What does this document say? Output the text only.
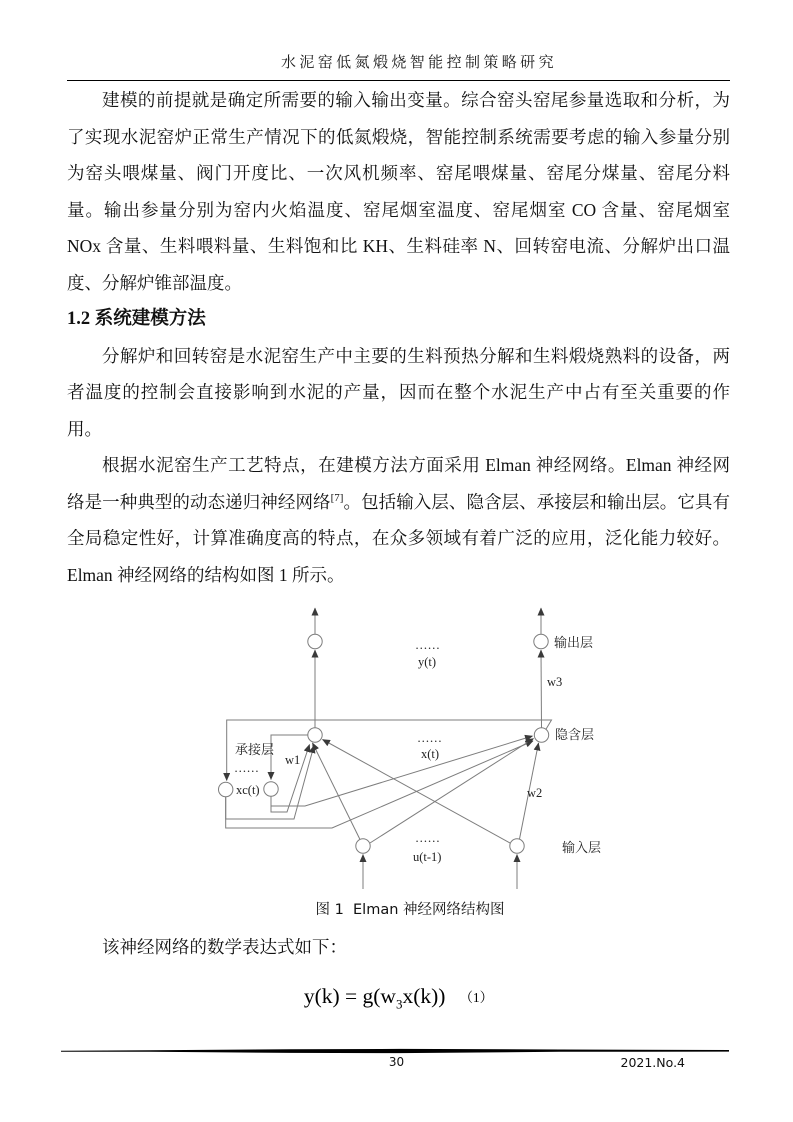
水泥窑低氮煅烧智能控制策略研究

建模的前提就是确定所需要的输入输出变量。综合窑头窑尾参量选取和分析，为了实现水泥窑炉正常生产情况下的低氮煅烧，智能控制系统需要考虑的输入参量分别为窑头喂煤量、阀门开度比、一次风机频率、窑尾喂煤量、窑尾分煤量、窑尾分料量。输出参量分别为窑内火焰温度、窑尾烟室温度、窑尾烟室 CO 含量、窑尾烟室 NOx 含量、生料喂料量、生料饱和比 KH、生料硅率 N、回转窑电流、分解炉出口温度、分解炉锥部温度。

1.2 系统建模方法

分解炉和回转窑是水泥窑生产中主要的生料预热分解和生料煅烧熟料的设备，两者温度的控制会直接影响到水泥的产量，因而在整个水泥生产中占有至关重要的作用。

根据水泥窑生产工艺特点，在建模方法方面采用 Elman 神经网络。Elman 神经网络是一种典型的动态递归神经网络[7]。包括输入层、隐含层、承接层和输出层。它具有全局稳定性好，计算准确度高的特点，在众多领域有着广泛的应用，泛化能力较好。Elman 神经网络的结构如图 1 所示。

……
y(t)
输出层
w3
……
x(t)
隐含层
承接层
……
xc(t)
w1
w2
……
u(t-1)
输入层
图 1  Elman 神经网络结构图

该神经网络的数学表达式如下：

$y(k) = g(w_3x(k))$ （1）
30	2021.No.4
